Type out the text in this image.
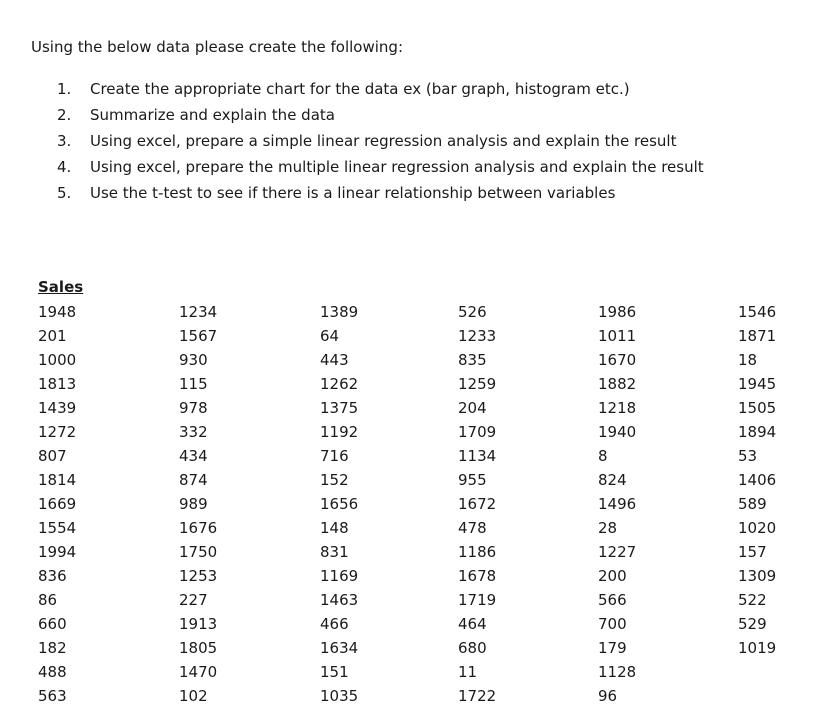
Using the below data please create the following:
1.	Create the appropriate chart for the data ex (bar graph, histogram etc.)
2.	Summarize and explain the data
3.	Using excel, prepare a simple linear regression analysis and explain the result
4.	Using excel, prepare the multiple linear regression analysis and explain the result
5.	Use the t-test to see if there is a linear relationship between variables
Sales
1948	1234	1389	526	1986	1546
201	1567	64	1233	1011	1871
1000	930	443	835	1670	18
1813	115	1262	1259	1882	1945
1439	978	1375	204	1218	1505
1272	332	1192	1709	1940	1894
807	434	716	1134	8	53
1814	874	152	955	824	1406
1669	989	1656	1672	1496	589
1554	1676	148	478	28	1020
1994	1750	831	1186	1227	157
836	1253	1169	1678	200	1309
86	227	1463	1719	566	522
660	1913	466	464	700	529
182	1805	1634	680	179	1019
488	1470	151	11	1128
563	102	1035	1722	96
